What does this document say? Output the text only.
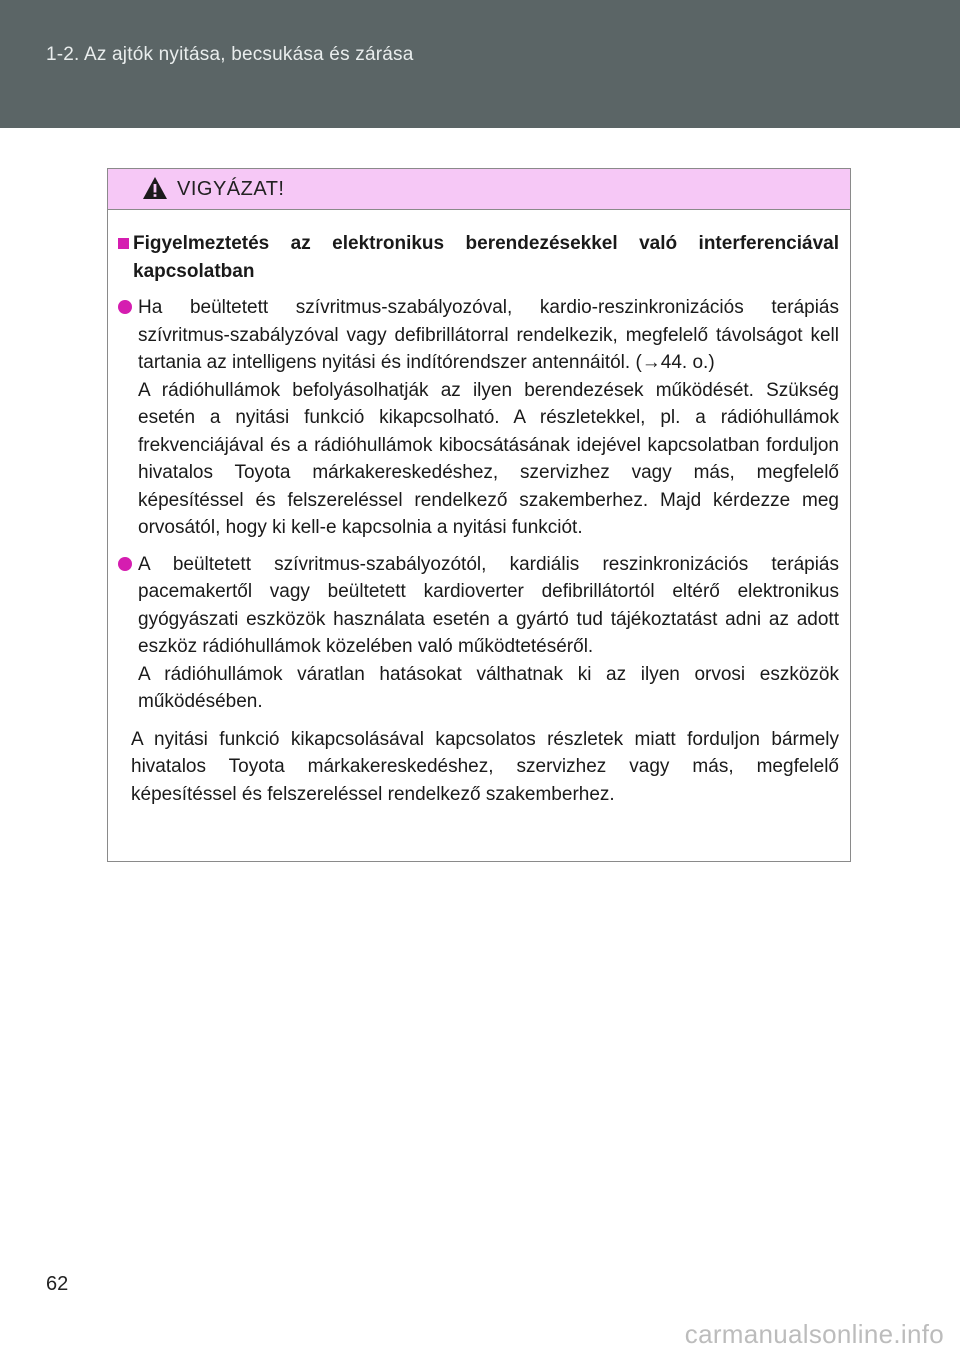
1-2. Az ajtók nyitása, becsukása és zárása
VIGYÁZAT!
Figyelmeztetés az elektronikus berendezésekkel való interferenciával kapcsolatban

Ha beültetett szívritmus-szabályozóval, kardio-reszinkronizációs terápiás szívritmus-szabályzóval vagy defibrillátorral rendelkezik, megfelelő távolságot kell tartania az intelligens nyitási és indítórendszer antennáitól. (→44. o.)

A rádióhullámok befolyásolhatják az ilyen berendezések működését. Szükség esetén a nyitási funkció kikapcsolható. A részletekkel, pl. a rádióhullámok frekvenciájával és a rádióhullámok kibocsátásának idejével kapcsolatban forduljon hivatalos Toyota márkakereskedéshez, szervizhez vagy más, megfelelő képesítéssel és felszereléssel rendelkező szakemberhez. Majd kérdezze meg orvosától, hogy ki kell-e kapcsolnia a nyitási funkciót.

A beültetett szívritmus-szabályozótól, kardiális reszinkronizációs terápiás pacemakertől vagy beültetett kardioverter defibrillátortól eltérő elektronikus gyógyászati eszközök használata esetén a gyártó tud tájékoztatást adni az adott eszköz rádióhullámok közelében való működtetéséről.

A rádióhullámok váratlan hatásokat válthatnak ki az ilyen orvosi eszközök működésében.

A nyitási funkció kikapcsolásával kapcsolatos részletek miatt forduljon bármely hivatalos Toyota márkakereskedéshez, szervizhez vagy más, megfelelő képesítéssel és felszereléssel rendelkező szakemberhez.

62
carmanualsonline.info
